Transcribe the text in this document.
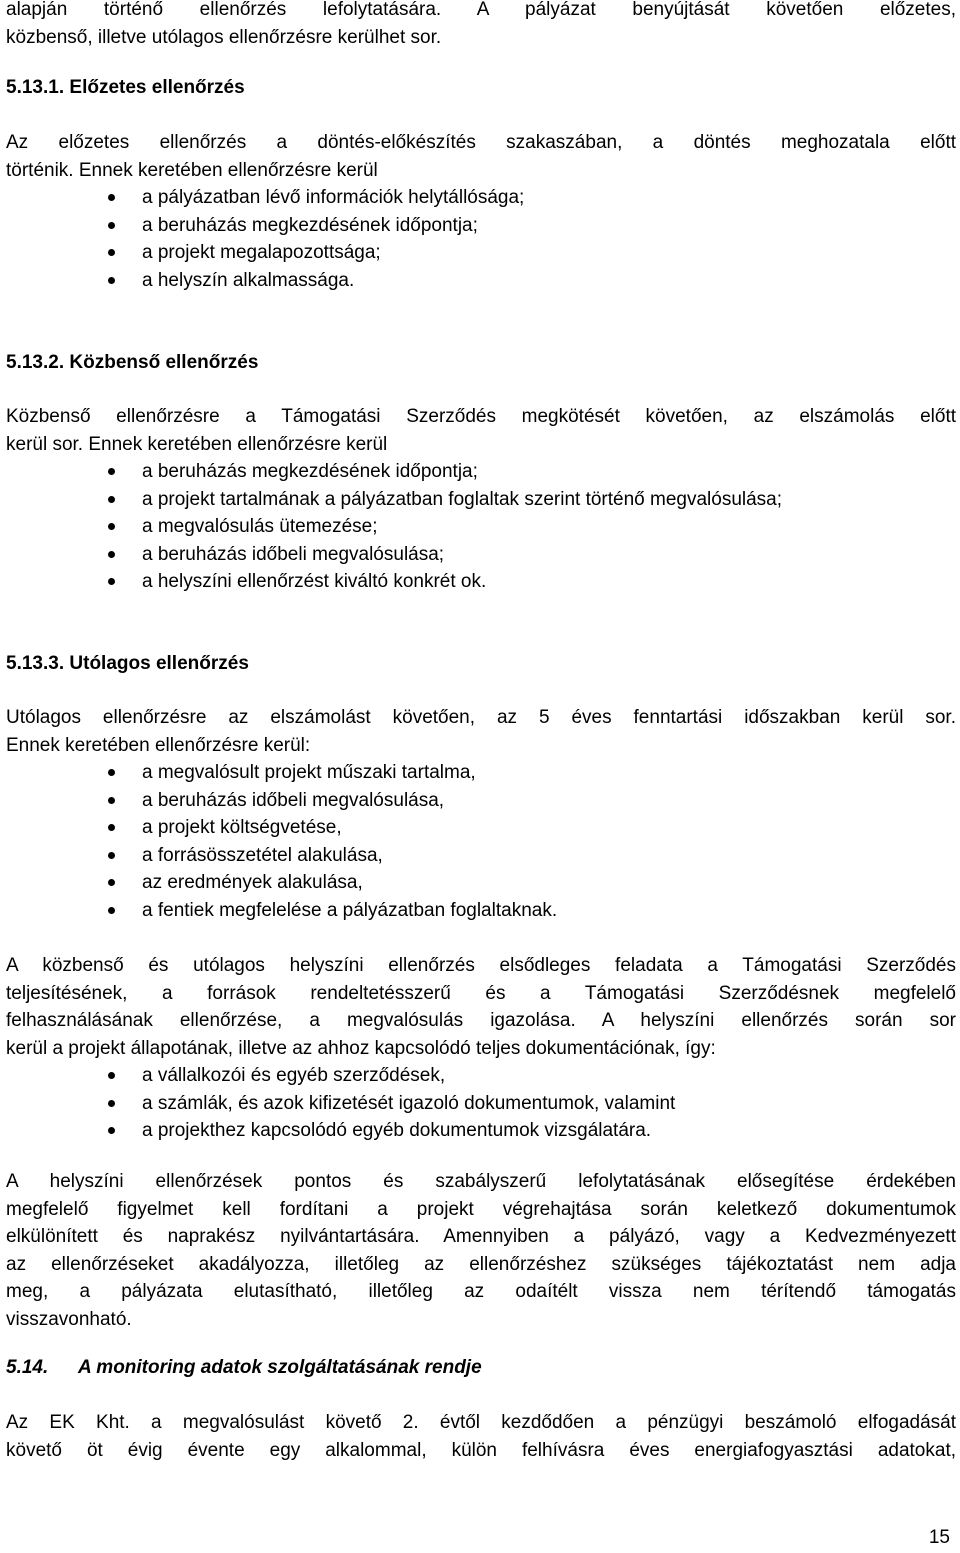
alapján történő ellenőrzés lefolytatására. A pályázat benyújtását követően előzetes,

közbenső, illetve utólagos ellenőrzésre kerülhet sor.

5.13.1. Előzetes ellenőrzés

Az előzetes ellenőrzés a döntés-előkészítés szakaszában, a döntés meghozatala előtt

történik. Ennek keretében ellenőrzésre kerül

a pályázatban lévő információk helytállósága;
a beruházás megkezdésének időpontja;
a projekt megalapozottsága;
a helyszín alkalmassága.
5.13.2. Közbenső ellenőrzés

Közbenső ellenőrzésre a Támogatási Szerződés megkötését követően, az elszámolás előtt

kerül sor. Ennek keretében ellenőrzésre kerül

a beruházás megkezdésének időpontja;
a projekt tartalmának a pályázatban foglaltak szerint történő megvalósulása;
a megvalósulás ütemezése;
a beruházás időbeli megvalósulása;
a helyszíni ellenőrzést kiváltó konkrét ok.
5.13.3. Utólagos ellenőrzés

Utólagos ellenőrzésre az elszámolást követően, az 5 éves fenntartási időszakban kerül sor.

Ennek keretében ellenőrzésre kerül:

a megvalósult projekt műszaki tartalma,
a beruházás időbeli megvalósulása,
a projekt költségvetése,
a forrásösszetétel alakulása,
az eredmények alakulása,
a fentiek megfelelése a pályázatban foglaltaknak.

A közbenső és utólagos helyszíni ellenőrzés elsődleges feladata a Támogatási Szerződés

teljesítésének, a források rendeltetésszerű és a Támogatási Szerződésnek megfelelő

felhasználásának ellenőrzése, a megvalósulás igazolása. A helyszíni ellenőrzés során sor

kerül a projekt állapotának, illetve az ahhoz kapcsolódó teljes dokumentációnak, így:

a vállalkozói és egyéb szerződések,
a számlák, és azok kifizetését igazoló dokumentumok, valamint
a projekthez kapcsolódó egyéb dokumentumok vizsgálatára.

A helyszíni ellenőrzések pontos és szabályszerű lefolytatásának elősegítése érdekében

megfelelő figyelmet kell fordítani a projekt végrehajtása során keletkező dokumentumok

elkülönített és naprakész nyilvántartására. Amennyiben a pályázó, vagy a Kedvezményezett

az ellenőrzéseket akadályozza, illetőleg az ellenőrzéshez szükséges tájékoztatást nem adja

meg, a pályázata elutasítható, illetőleg az odaítélt vissza nem térítendő támogatás

visszavonható.

5.14. A monitoring adatok szolgáltatásának rendje

Az EK Kht. a megvalósulást követő 2. évtől kezdődően a pénzügyi beszámoló elfogadását

követő öt évig évente egy alkalommal, külön felhívásra éves energiafogyasztási adatokat,

15
